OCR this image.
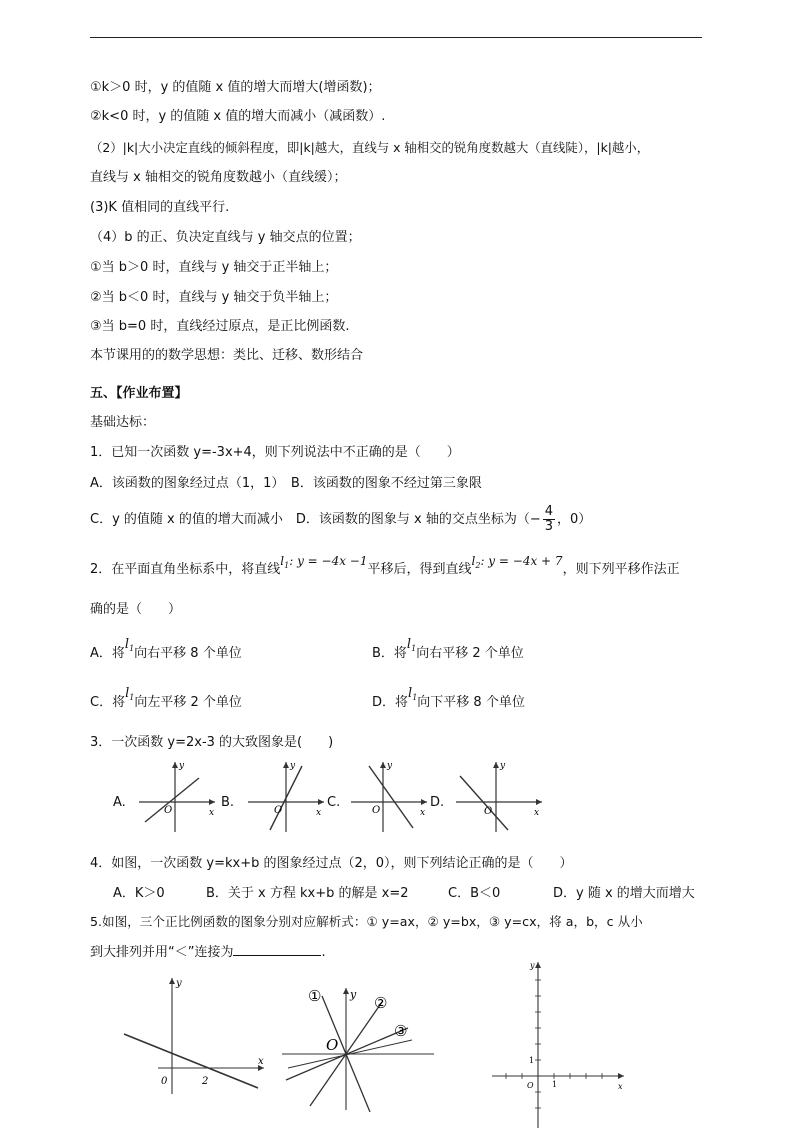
①k＞0 时，y 的值随 x 值的增大而增大(增函数)；
②k<0 时，y 的值随 x 值的增大而减小（减函数）.
（2）|k|大小决定直线的倾斜程度，即|k|越大，直线与 x 轴相交的锐角度数越大（直线陡），|k|越小，
直线与 x 轴相交的锐角度数越小（直线缓）；
(3)K 值相同的直线平行.
（4）b 的正、负决定直线与 y 轴交点的位置；
①当 b＞0 时，直线与 y 轴交于正半轴上；
②当 b＜0 时，直线与 y 轴交于负半轴上；
③当 b=0 时，直线经过原点，是正比例函数.
本节课用的的数学思想：类比、迁移、数形结合
五、【作业布置】
基础达标：
1．已知一次函数 y=-3x+4，则下列说法中不正确的是（　　）
A．该函数的图象经过点（1，1）　B．该函数的图象不经过第三象限
C．y 的值随 x 的值的增大而减小　D．该函数的图象与 x 轴的交点坐标为（− $\frac{4}{3}$ ，0）
2．在平面直角坐标系中，将直线$l_1$: y = −4x −1平移后，得到直线$l_2$: y = −4x + 7，则下列平移作法正
确的是（　　）
A．将$l_1$向右平移 8 个单位	B．将$l_1$向右平移 2 个单位
C．将$l_1$向左平移 2 个单位	D．将$l_1$向下平移 8 个单位
3．一次函数 y=2x-3 的大致图象是(　　)
A.	B.	C.	D.
y
x
O
y
x
O
y
x
O
y
x
O
4．如图，一次函数 y=kx+b 的图象经过点（2，0），则下列结论正确的是（　　）
A．K＞0	B．关于 x 方程 kx+b 的解是 x=2	C．B＜0	D．y 随 x 的增大而增大
5.如图，三个正比例函数的图象分别对应解析式：① y=ax，② y=bx，③ y=cx，将 a，b，c 从小
到大排列并用“＜”连接为	.
y
x
0	2
①	②
③
y
O
y
x
O 1
1
